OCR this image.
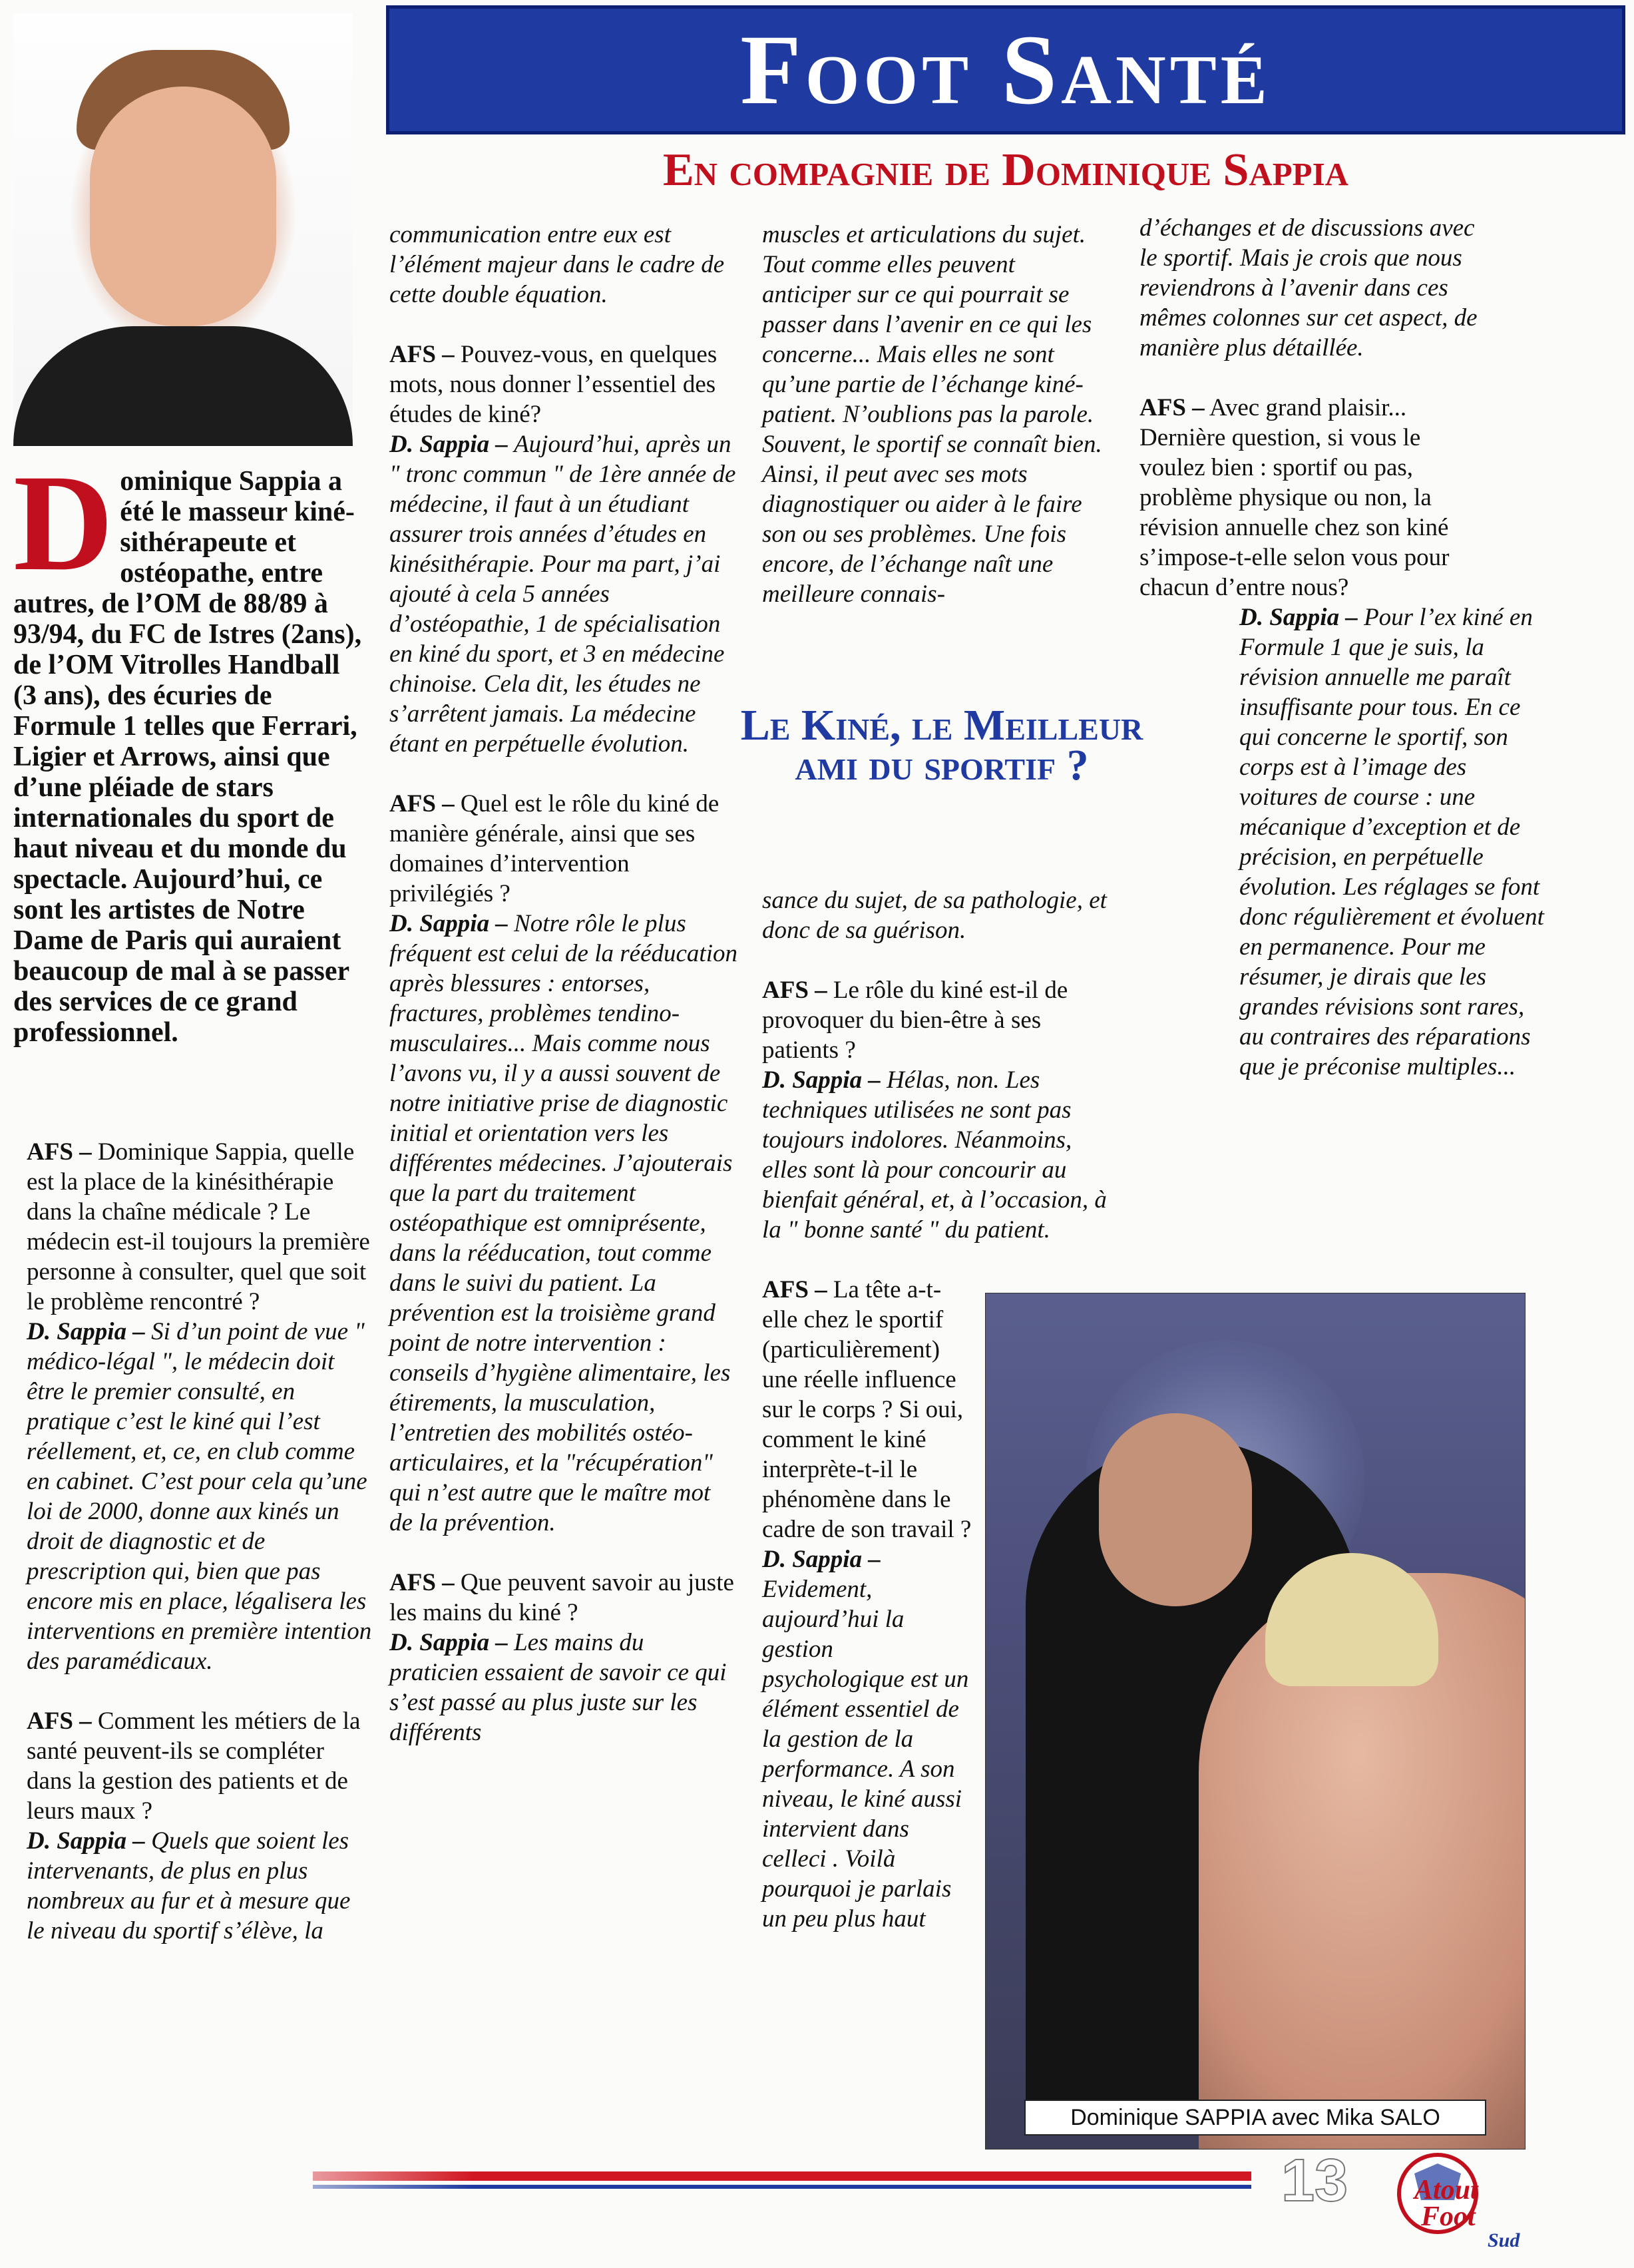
Foot Santé
En compagnie de Dominique Sappia
D ominique Sappia a été le masseur kiné-sithérapeute et ostéopathe, entre autres, de l’OM de 88/89 à 93/94, du FC de Istres (2ans), de l’OM Vitrolles Handball (3 ans), des écuries de Formule 1 telles que Ferrari, Ligier et Arrows, ainsi que d’une pléiade de stars internationales du sport de haut niveau et du monde du spectacle. Aujourd’hui, ce sont les artistes de Notre Dame de Paris qui auraient beaucoup de mal à se passer des services de ce grand professionnel.

AFS – Dominique Sappia, quelle est la place de la kinésithérapie dans la chaîne médicale ? Le médecin est-il toujours la première personne à consulter, quel que soit le problème rencontré ?

D. Sappia – Si d’un point de vue " médico-légal ", le médecin doit être le premier consulté, en pratique c’est le kiné qui l’est réellement, et, ce, en club comme en cabinet. C’est pour cela qu’une loi de 2000, donne aux kinés un droit de diagnostic et de prescription qui, bien que pas encore mis en place, légalisera les interventions en première intention des paramédicaux.

AFS – Comment les métiers de la santé peuvent-ils se compléter dans la gestion des patients et de leurs maux ?

D. Sappia – Quels que soient les intervenants, de plus en plus nombreux au fur et à mesure que le niveau du sportif s’élève, la

communication entre eux est l’élément majeur dans le cadre de cette double équation.

AFS – Pouvez-vous, en quelques mots, nous donner l’essentiel des études de kiné?

D. Sappia – Aujourd’hui, après un " tronc commun " de 1ère année de médecine, il faut à un étudiant assurer trois années d’études en kinésithérapie. Pour ma part, j’ai ajouté à cela 5 années d’ostéopathie, 1 de spécialisation en kiné du sport, et 3 en médecine chinoise. Cela dit, les études ne s’arrêtent jamais. La médecine étant en perpétuelle évolution.

AFS – Quel est le rôle du kiné de manière générale, ainsi que ses domaines d’intervention privilégiés ?

D. Sappia – Notre rôle le plus fréquent est celui de la rééducation après blessures : entorses, fractures, problèmes tendino-musculaires... Mais comme nous l’avons vu, il y a aussi souvent de notre initiative prise de diagnostic initial et orientation vers les différentes médecines. J’ajouterais que la part du traitement ostéopathique est omniprésente, dans la rééducation, tout comme dans le suivi du patient. La prévention est la troisième grand point de notre intervention : conseils d’hygiène alimentaire, les étirements, la musculation, l’entretien des mobilités ostéo-articulaires, et la "récupération" qui n’est autre que le maître mot de la prévention.

AFS – Que peuvent savoir au juste les mains du kiné ?

D. Sappia – Les mains du praticien essaient de savoir ce qui s’est passé au plus juste sur les différents

muscles et articulations du sujet. Tout comme elles peuvent anticiper sur ce qui pourrait se passer dans l’avenir en ce qui les concerne... Mais elles ne sont qu’une partie de l’échange kiné-patient. N’oublions pas la parole. Souvent, le sportif se connaît bien. Ainsi, il peut avec ses mots diagnostiquer ou aider à le faire son ou ses problèmes. Une fois encore, de l’échange naît une meilleure connais-

Le Kiné, le Meilleur ami du sportif ?

sance du sujet, de sa pathologie, et donc de sa guérison.

AFS – Le rôle du kiné est-il de provoquer du bien-être à ses patients ?

D. Sappia – Hélas, non. Les techniques utilisées ne sont pas toujours indolores. Néanmoins, elles sont là pour concourir au bienfait général, et, à l’occasion, à la " bonne santé " du patient.

AFS – La tête a-t-elle chez le sportif (particulièrement) une réelle influence sur le corps ? Si oui, comment le kiné interprète-t-il le phénomène dans le cadre de son travail ?

D. Sappia – Evidement, aujourd’hui la gestion psychologique est un élément essentiel de la gestion de la performance. A son niveau, le kiné aussi intervient dans celleci . Voilà pourquoi je parlais un peu plus haut

d’échanges et de discussions avec le sportif. Mais je crois que nous reviendrons à l’avenir dans ces mêmes colonnes sur cet aspect, de manière plus détaillée.

AFS – Avec grand plaisir... Dernière question, si vous le voulez bien : sportif ou pas, problème physique ou non, la révision annuelle chez son kiné s’impose-t-elle selon vous pour chacun d’entre nous?

D. Sappia – Pour l’ex kiné en Formule 1 que je suis, la révision annuelle me paraît insuffisante pour tous. En ce qui concerne le sportif, son corps est à l’image des voitures de course : une mécanique d’exception et de précision, en perpétuelle évolution. Les réglages se font donc régulièrement et évoluent en permanence. Pour me résumer, je dirais que les grandes révisions sont rares, au contraires des réparations que je préconise multiples...

Dominique SAPPIA avec Mika SALO
13 Atout
Foot
Sud
